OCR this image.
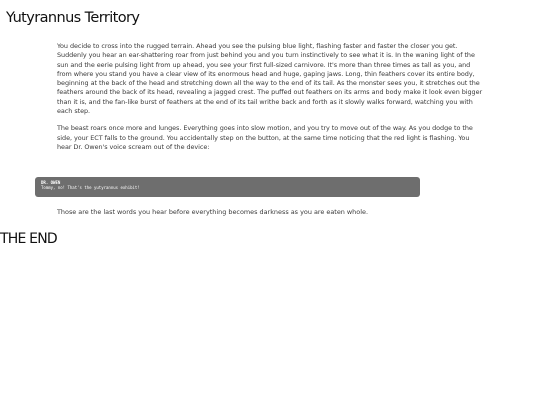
Yutyrannus Territory

You decide to cross into the rugged terrain. Ahead you see the pulsing blue light, flashing faster and faster the closer you get. Suddenly you hear an ear-shattering roar from just behind you and you turn instinctively to see what it is. In the waning light of the sun and the eerie pulsing light from up ahead, you see your first full-sized carnivore. It's more than three times as tall as you, and from where you stand you have a clear view of its enormous head and huge, gaping jaws. Long, thin feathers cover its entire body, beginning at the back of the head and stretching down all the way to the end of its tail. As the monster sees you, it stretches out the feathers around the back of its head, revealing a jagged crest. The puffed out feathers on its arms and body make it look even bigger than it is, and the fan-like burst of feathers at the end of its tail writhe back and forth as it slowly walks forward, watching you with each step.

The beast roars once more and lunges. Everything goes into slow motion, and you try to move out of the way. As you dodge to the side, your ECT falls to the ground. You accidentally step on the button, at the same time noticing that the red light is flashing. You hear Dr. Owen's voice scream out of the device:

DR. OWEN
Tommy, no! That's the yutyrannus exhibit!

Those are the last words you hear before everything becomes darkness as you are eaten whole.

THE END
